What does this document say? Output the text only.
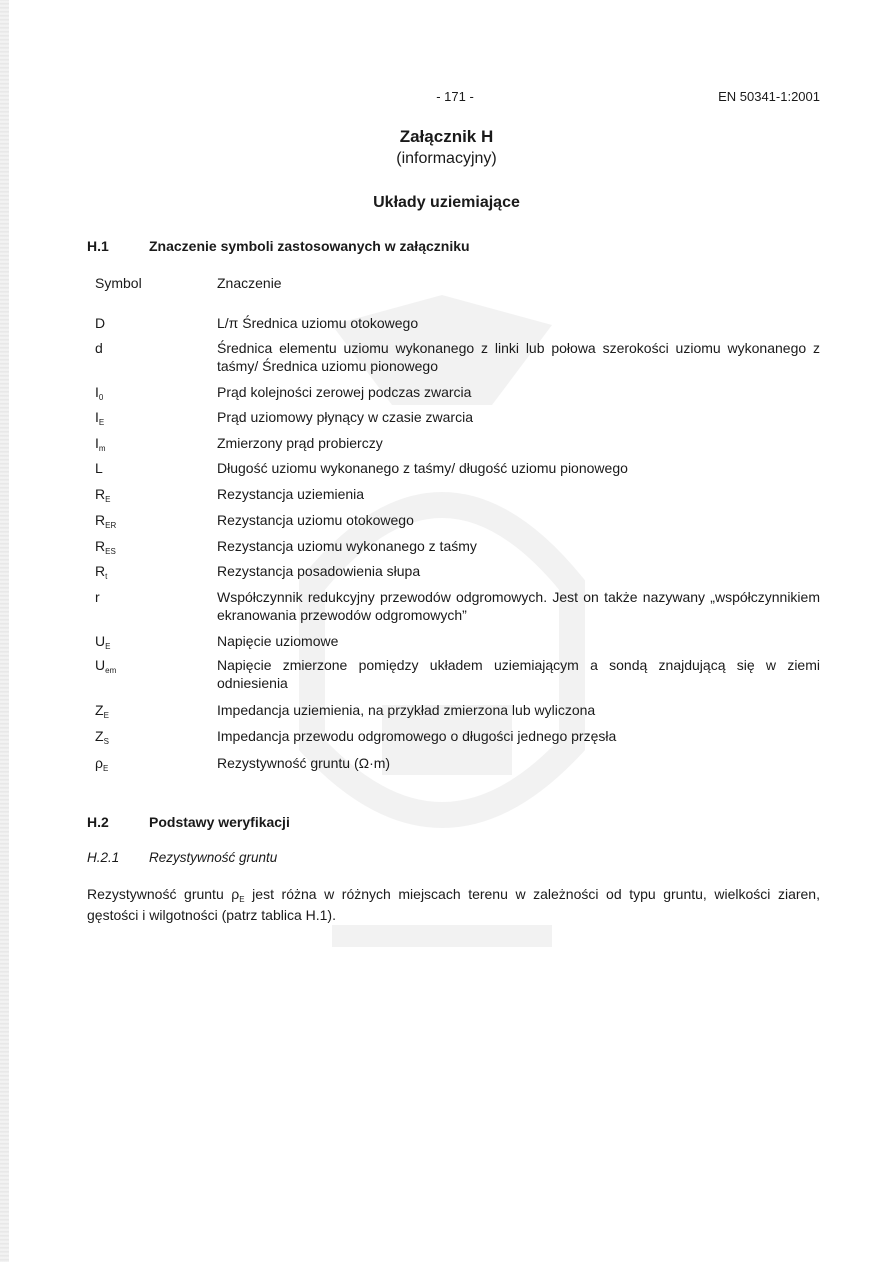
- 171 -	EN 50341-1:2001
Załącznik H
(informacyjny)
Układy uziemiające
H.1	Znaczenie symboli zastosowanych w załączniku
Symbol	Znaczenie
D	L/π Średnica uziomu otokowego
d	Średnica elementu uziomu wykonanego z linki lub połowa szerokości uziomu wykonanego z taśmy/ Średnica uziomu pionowego
$I_0$	Prąd kolejności zerowej podczas zwarcia
$I_E$	Prąd uziomowy płynący w czasie zwarcia
$I_m$	Zmierzony prąd probierczy
L	Długość uziomu wykonanego z taśmy/ długość uziomu pionowego
$R_E$	Rezystancja uziemienia
$R_{ER}$	Rezystancja uziomu otokowego
$R_{ES}$	Rezystancja uziomu wykonanego z taśmy
$R_t$	Rezystancja posadowienia słupa
r	Współczynnik redukcyjny przewodów odgromowych. Jest on także nazywany „współczynnikiem ekranowania przewodów odgromowych”
$U_E$	Napięcie uziomowe
$U_{em}$	Napięcie zmierzone pomiędzy układem uziemiającym a sondą znajdującą się w ziemi odniesienia
$Z_E$	Impedancja uziemienia, na przykład zmierzona lub wyliczona
$Z_S$	Impedancja przewodu odgromowego o długości jednego przęsła
$\rho_E$	Rezystywność gruntu (Ω·m)
H.2	Podstawy weryfikacji
H.2.1 Rezystywność gruntu
Rezystywność gruntu $\rho_E$ jest różna w różnych miejscach terenu w zależności od typu gruntu, wielkości ziaren, gęstości i wilgotności (patrz tablica H.1).
